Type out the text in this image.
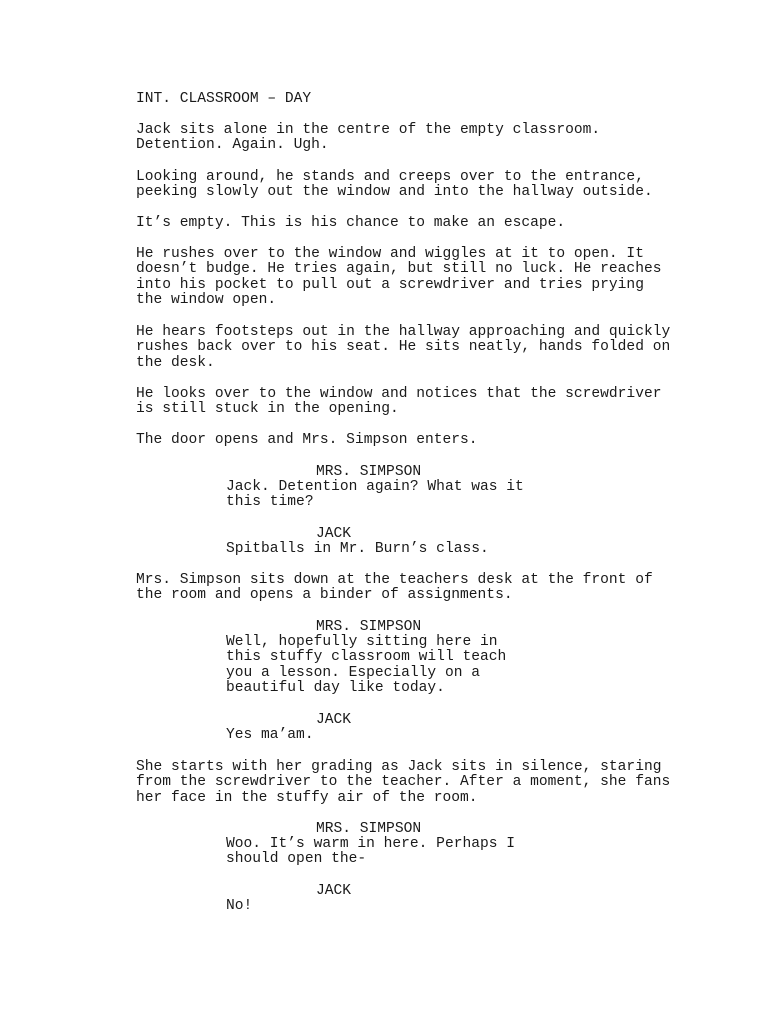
INT. CLASSROOM – DAY
Jack sits alone in the centre of the empty classroom.
Detention. Again. Ugh.
Looking around, he stands and creeps over to the entrance,
peeking slowly out the window and into the hallway outside.
It’s empty. This is his chance to make an escape.
He rushes over to the window and wiggles at it to open. It
doesn’t budge. He tries again, but still no luck. He reaches
into his pocket to pull out a screwdriver and tries prying
the window open.
He hears footsteps out in the hallway approaching and quickly
rushes back over to his seat. He sits neatly, hands folded on
the desk.
He looks over to the window and notices that the screwdriver
is still stuck in the opening.
The door opens and Mrs. Simpson enters.
MRS. SIMPSON
Jack. Detention again? What was it
this time?
JACK
Spitballs in Mr. Burn’s class.
Mrs. Simpson sits down at the teachers desk at the front of
the room and opens a binder of assignments.
MRS. SIMPSON
Well, hopefully sitting here in
this stuffy classroom will teach
you a lesson. Especially on a
beautiful day like today.
JACK
Yes ma’am.
She starts with her grading as Jack sits in silence, staring
from the screwdriver to the teacher. After a moment, she fans
her face in the stuffy air of the room.
MRS. SIMPSON
Woo. It’s warm in here. Perhaps I
should open the-
JACK
No!
